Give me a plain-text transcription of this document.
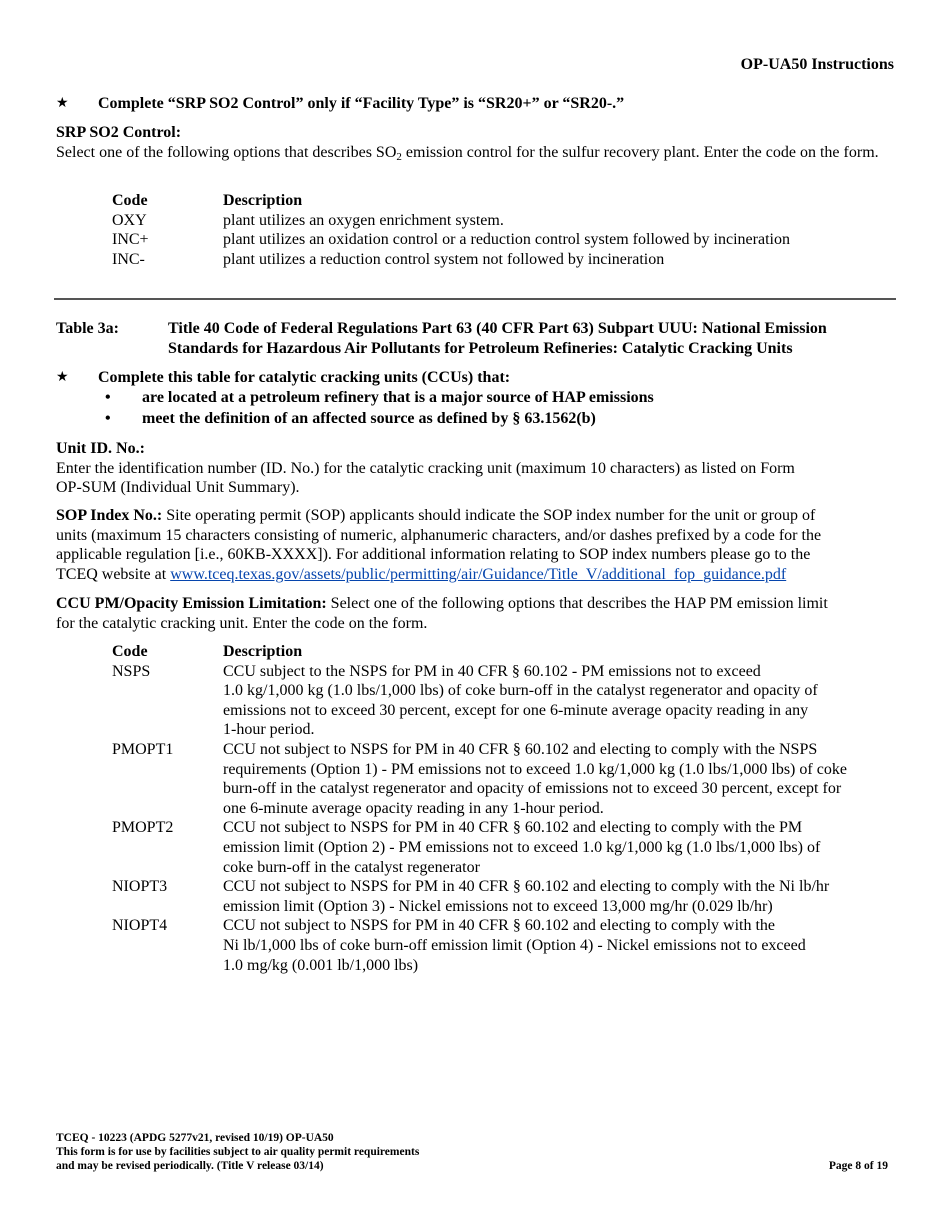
OP-UA50 Instructions
★ Complete “SRP SO2 Control” only if “Facility Type” is “SR20+” or “SR20-.”

SRP SO2 Control:

Select one of the following options that describes $SO_2$ emission control for the sulfur recovery plant. Enter the code on the form.

Code	Description
OXY	plant utilizes an oxygen enrichment system.
INC+	plant utilizes an oxidation control or a reduction control system followed by incineration
INC-	plant utilizes a reduction control system not followed by incineration
Table 3a:	Title 40 Code of Federal Regulations Part 63 (40 CFR Part 63) Subpart UUU: National Emission
Standards for Hazardous Air Pollutants for Petroleum Refineries: Catalytic Cracking Units
★ Complete this table for catalytic cracking units (CCUs) that:
• are located at a petroleum refinery that is a major source of HAP emissions
• meet the definition of an affected source as defined by § 63.1562(b)

Unit ID. No.:

Enter the identification number (ID. No.) for the catalytic cracking unit (maximum 10 characters) as listed on Form
OP-SUM (Individual Unit Summary).

SOP Index No.: Site operating permit (SOP) applicants should indicate the SOP index number for the unit or group of
units (maximum 15 characters consisting of numeric, alphanumeric characters, and/or dashes prefixed by a code for the
applicable regulation [i.e., 60KB-XXXX]). For additional information relating to SOP index numbers please go to the
TCEQ website at www.tceq.texas.gov/assets/public/permitting/air/Guidance/Title_V/additional_fop_guidance.pdf

CCU PM/Opacity Emission Limitation: Select one of the following options that describes the HAP PM emission limit
for the catalytic cracking unit. Enter the code on the form.

Code	Description
NSPS	CCU subject to the NSPS for PM in 40 CFR § 60.102 - PM emissions not to exceed
1.0 kg/1,000 kg (1.0 lbs/1,000 lbs) of coke burn-off in the catalyst regenerator and opacity of
emissions not to exceed 30 percent, except for one 6-minute average opacity reading in any
1-hour period.
PMOPT1	CCU not subject to NSPS for PM in 40 CFR § 60.102 and electing to comply with the NSPS
requirements (Option 1) - PM emissions not to exceed 1.0 kg/1,000 kg (1.0 lbs/1,000 lbs) of coke
burn-off in the catalyst regenerator and opacity of emissions not to exceed 30 percent, except for
one 6-minute average opacity reading in any 1-hour period.
PMOPT2	CCU not subject to NSPS for PM in 40 CFR § 60.102 and electing to comply with the PM
emission limit (Option 2) - PM emissions not to exceed 1.0 kg/1,000 kg (1.0 lbs/1,000 lbs) of
coke burn-off in the catalyst regenerator
NIOPT3	CCU not subject to NSPS for PM in 40 CFR § 60.102 and electing to comply with the Ni lb/hr
emission limit (Option 3) - Nickel emissions not to exceed 13,000 mg/hr (0.029 lb/hr)
NIOPT4	CCU not subject to NSPS for PM in 40 CFR § 60.102 and electing to comply with the
Ni lb/1,000 lbs of coke burn-off emission limit (Option 4) - Nickel emissions not to exceed
1.0 mg/kg (0.001 lb/1,000 lbs)
TCEQ - 10223 (APDG 5277v21, revised 10/19) OP-UA50
This form is for use by facilities subject to air quality permit requirements
and may be revised periodically. (Title V release 03/14)	Page 8 of 19
